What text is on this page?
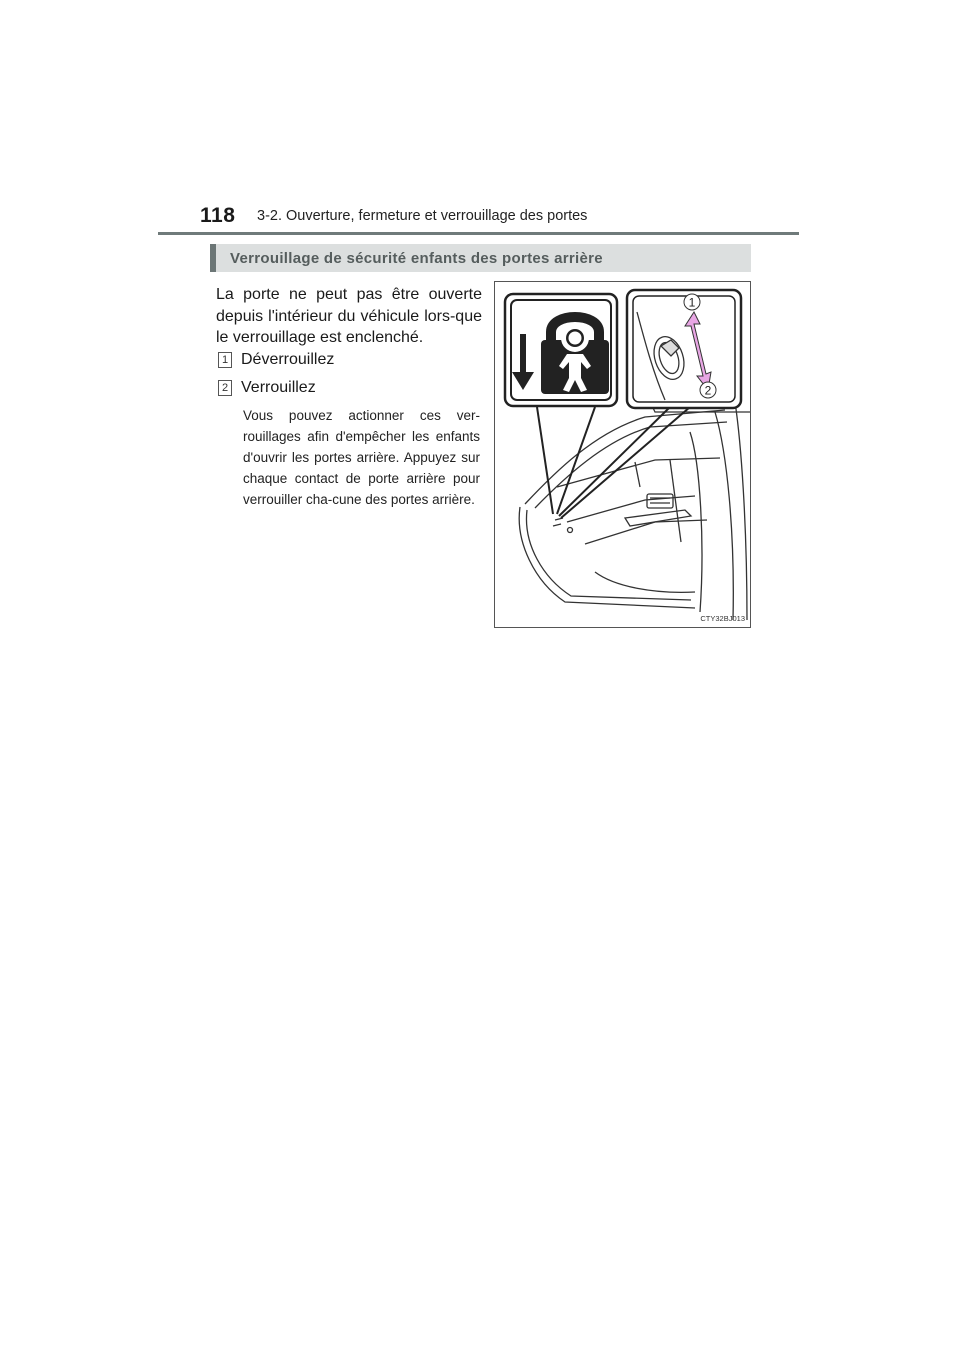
118 3-2. Ouverture, fermeture et verrouillage des portes
Verrouillage de sécurité enfants des portes arrière

La porte ne peut pas être ouverte depuis l'intérieur du véhicule lors-que le verrouillage est enclenché.

1 Déverrouillez
2 Verrouillez

Vous pouvez actionner ces ver-rouillages afin d'empêcher les enfants d'ouvrir les portes arrière. Appuyez sur chaque contact de porte arrière pour verrouiller cha-cune des portes arrière.

1
2
CTY32BJ013
